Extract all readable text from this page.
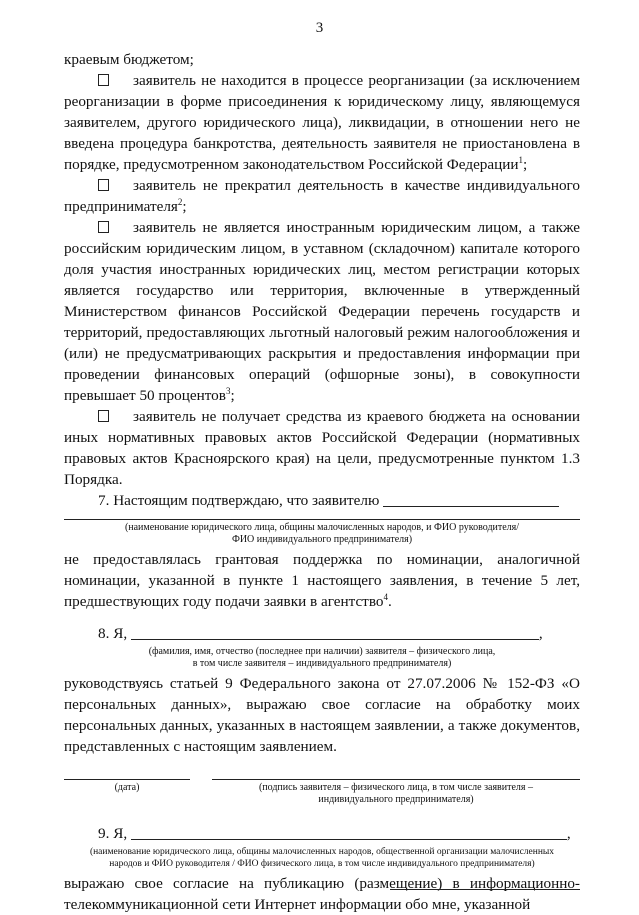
3

краевым бюджетом;

заявитель не находится в процессе реорганизации (за исключением реорганизации в форме присоединения к юридическому лицу, являющемуся заявителем, другого юридического лица), ликвидации, в отношении него не введена процедура банкротства, деятельность заявителя не приостановлена в порядке, предусмотренном законодательством Российской Федерации$^1$;

заявитель не прекратил деятельность в качестве индивидуального предпринимателя$^2$;

заявитель не является иностранным юридическим лицом, а также российским юридическим лицом, в уставном (складочном) капитале которого доля участия иностранных юридических лиц, местом регистрации которых является государство или территория, включенные в утвержденный Министерством финансов Российской Федерации перечень государств и территорий, предоставляющих льготный налоговый режим налогообложения и (или) не предусматривающих раскрытия и предоставления информации при проведении финансовых операций (офшорные зоны), в совокупности превышает 50 процентов$^3$;

заявитель не получает средства из краевого бюджета на основании иных нормативных правовых актов Российской Федерации (нормативных правовых актов Красноярского края) на цели, предусмотренные пунктом 1.3 Порядка.

7. Настоящим подтверждаю, что заявителю

(наименование юридического лица, общины малочисленных народов, и ФИО руководителя/
ФИО индивидуального предпринимателя)

не предоставлялась грантовая поддержка по номинации, аналогичной номинации, указанной в пункте 1 настоящего заявления, в течение 5 лет, предшествующих году подачи заявки в агентство$^4$.

8. Я,	,

(фамилия, имя, отчество (последнее при наличии) заявителя – физического лица,
в том числе заявителя – индивидуального предпринимателя)

руководствуясь статьей 9 Федерального закона от 27.07.2006 № 152-ФЗ «О персональных данных», выражаю свое согласие на обработку моих персональных данных, указанных в настоящем заявлении, а также документов, представленных с настоящим заявлением.

(дата)	(подпись заявителя – физического лица, в том числе заявителя –
индивидуального предпринимателя)

9. Я,	,

(наименование юридического лица, общины малочисленных народов, общественной организации малочисленных
народов и ФИО руководителя / ФИО физического лица, в том числе индивидуального предпринимателя)

выражаю свое согласие на публикацию (размещение) в информационно-телекоммуникационной сети Интернет информации обо мне, указанной
